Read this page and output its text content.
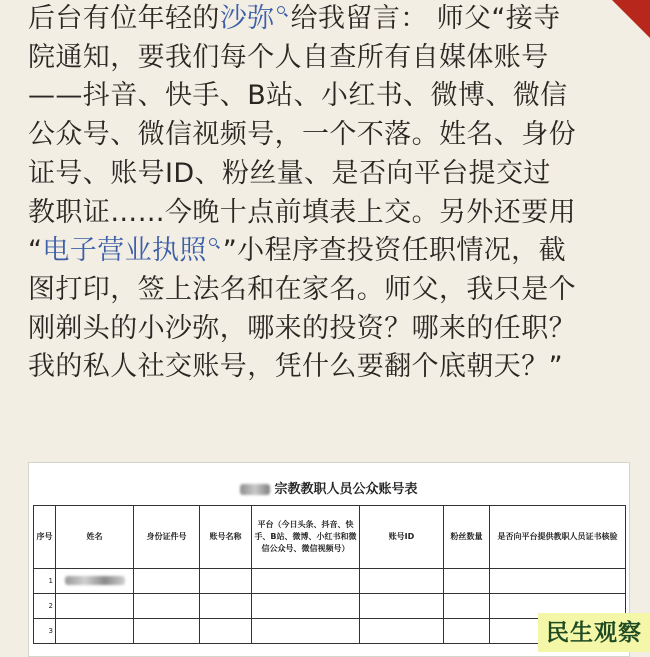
后台有位年轻的沙弥 给我留言： 师父“接寺

院通知，要我们每个人自查所有自媒体账号

——抖音、快手、B站、小红书、微博、微信

公众号、微信视频号，一个不落。姓名、身份

证号、账号ID、粉丝量、是否向平台提交过

教职证……今晚十点前填表上交。另外还要用

“电子营业执照 ”小程序查投资任职情况，截

图打印，签上法名和在家名。师父，我只是个

刚剃头的小沙弥，哪来的投资？哪来的任职？

我的私人社交账号，凭什么要翻个底朝天？”

宗教教职人员公众账号表
序号	姓名	身份证件号	账号名称	平台（今日头条、抖音、快手、B站、微博、小红书和微信公众号、微信视频号）	账号ID	粉丝数量	是否向平台提供教职人员证书核验
1							
2							
3								民生观察
